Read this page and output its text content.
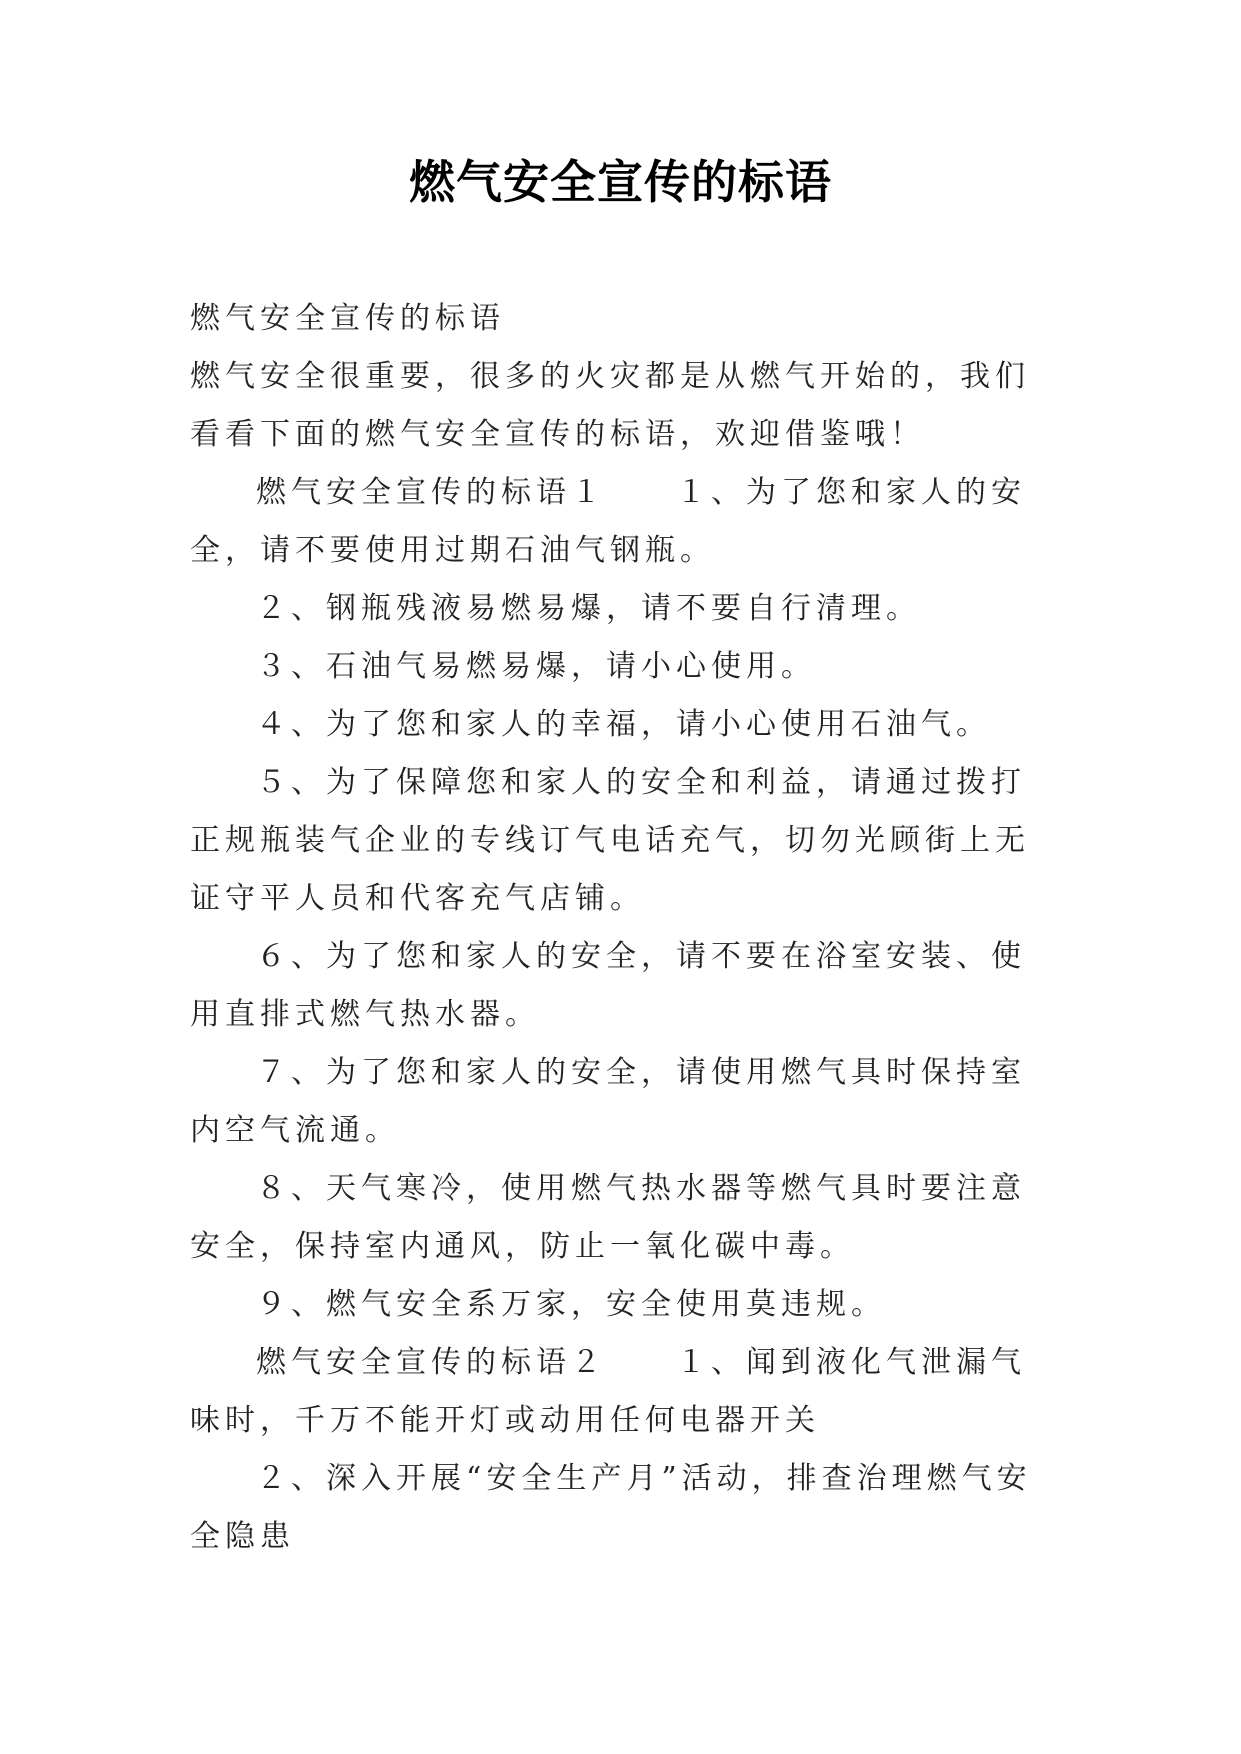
燃气安全宣传的标语

燃气安全宣传的标语

燃气安全很重要，很多的火灾都是从燃气开始的，我们看看下面的燃气安全宣传的标语，欢迎借鉴哦！

燃气安全宣传的标语１　　１、为了您和家人的安全，请不要使用过期石油气钢瓶。

２、钢瓶残液易燃易爆，请不要自行清理。

３、石油气易燃易爆，请小心使用。

４、为了您和家人的幸福，请小心使用石油气。

５、为了保障您和家人的安全和利益，请通过拨打正规瓶装气企业的专线订气电话充气，切勿光顾街上无证守平人员和代客充气店铺。

６、为了您和家人的安全，请不要在浴室安装、使用直排式燃气热水器。

７、为了您和家人的安全，请使用燃气具时保持室内空气流通。

８、天气寒冷，使用燃气热水器等燃气具时要注意安全，保持室内通风，防止一氧化碳中毒。

９、燃气安全系万家，安全使用莫违规。

燃气安全宣传的标语２　　１、闻到液化气泄漏气味时，千万不能开灯或动用任何电器开关

２、深入开展“安全生产月”活动，排查治理燃气安全隐患
